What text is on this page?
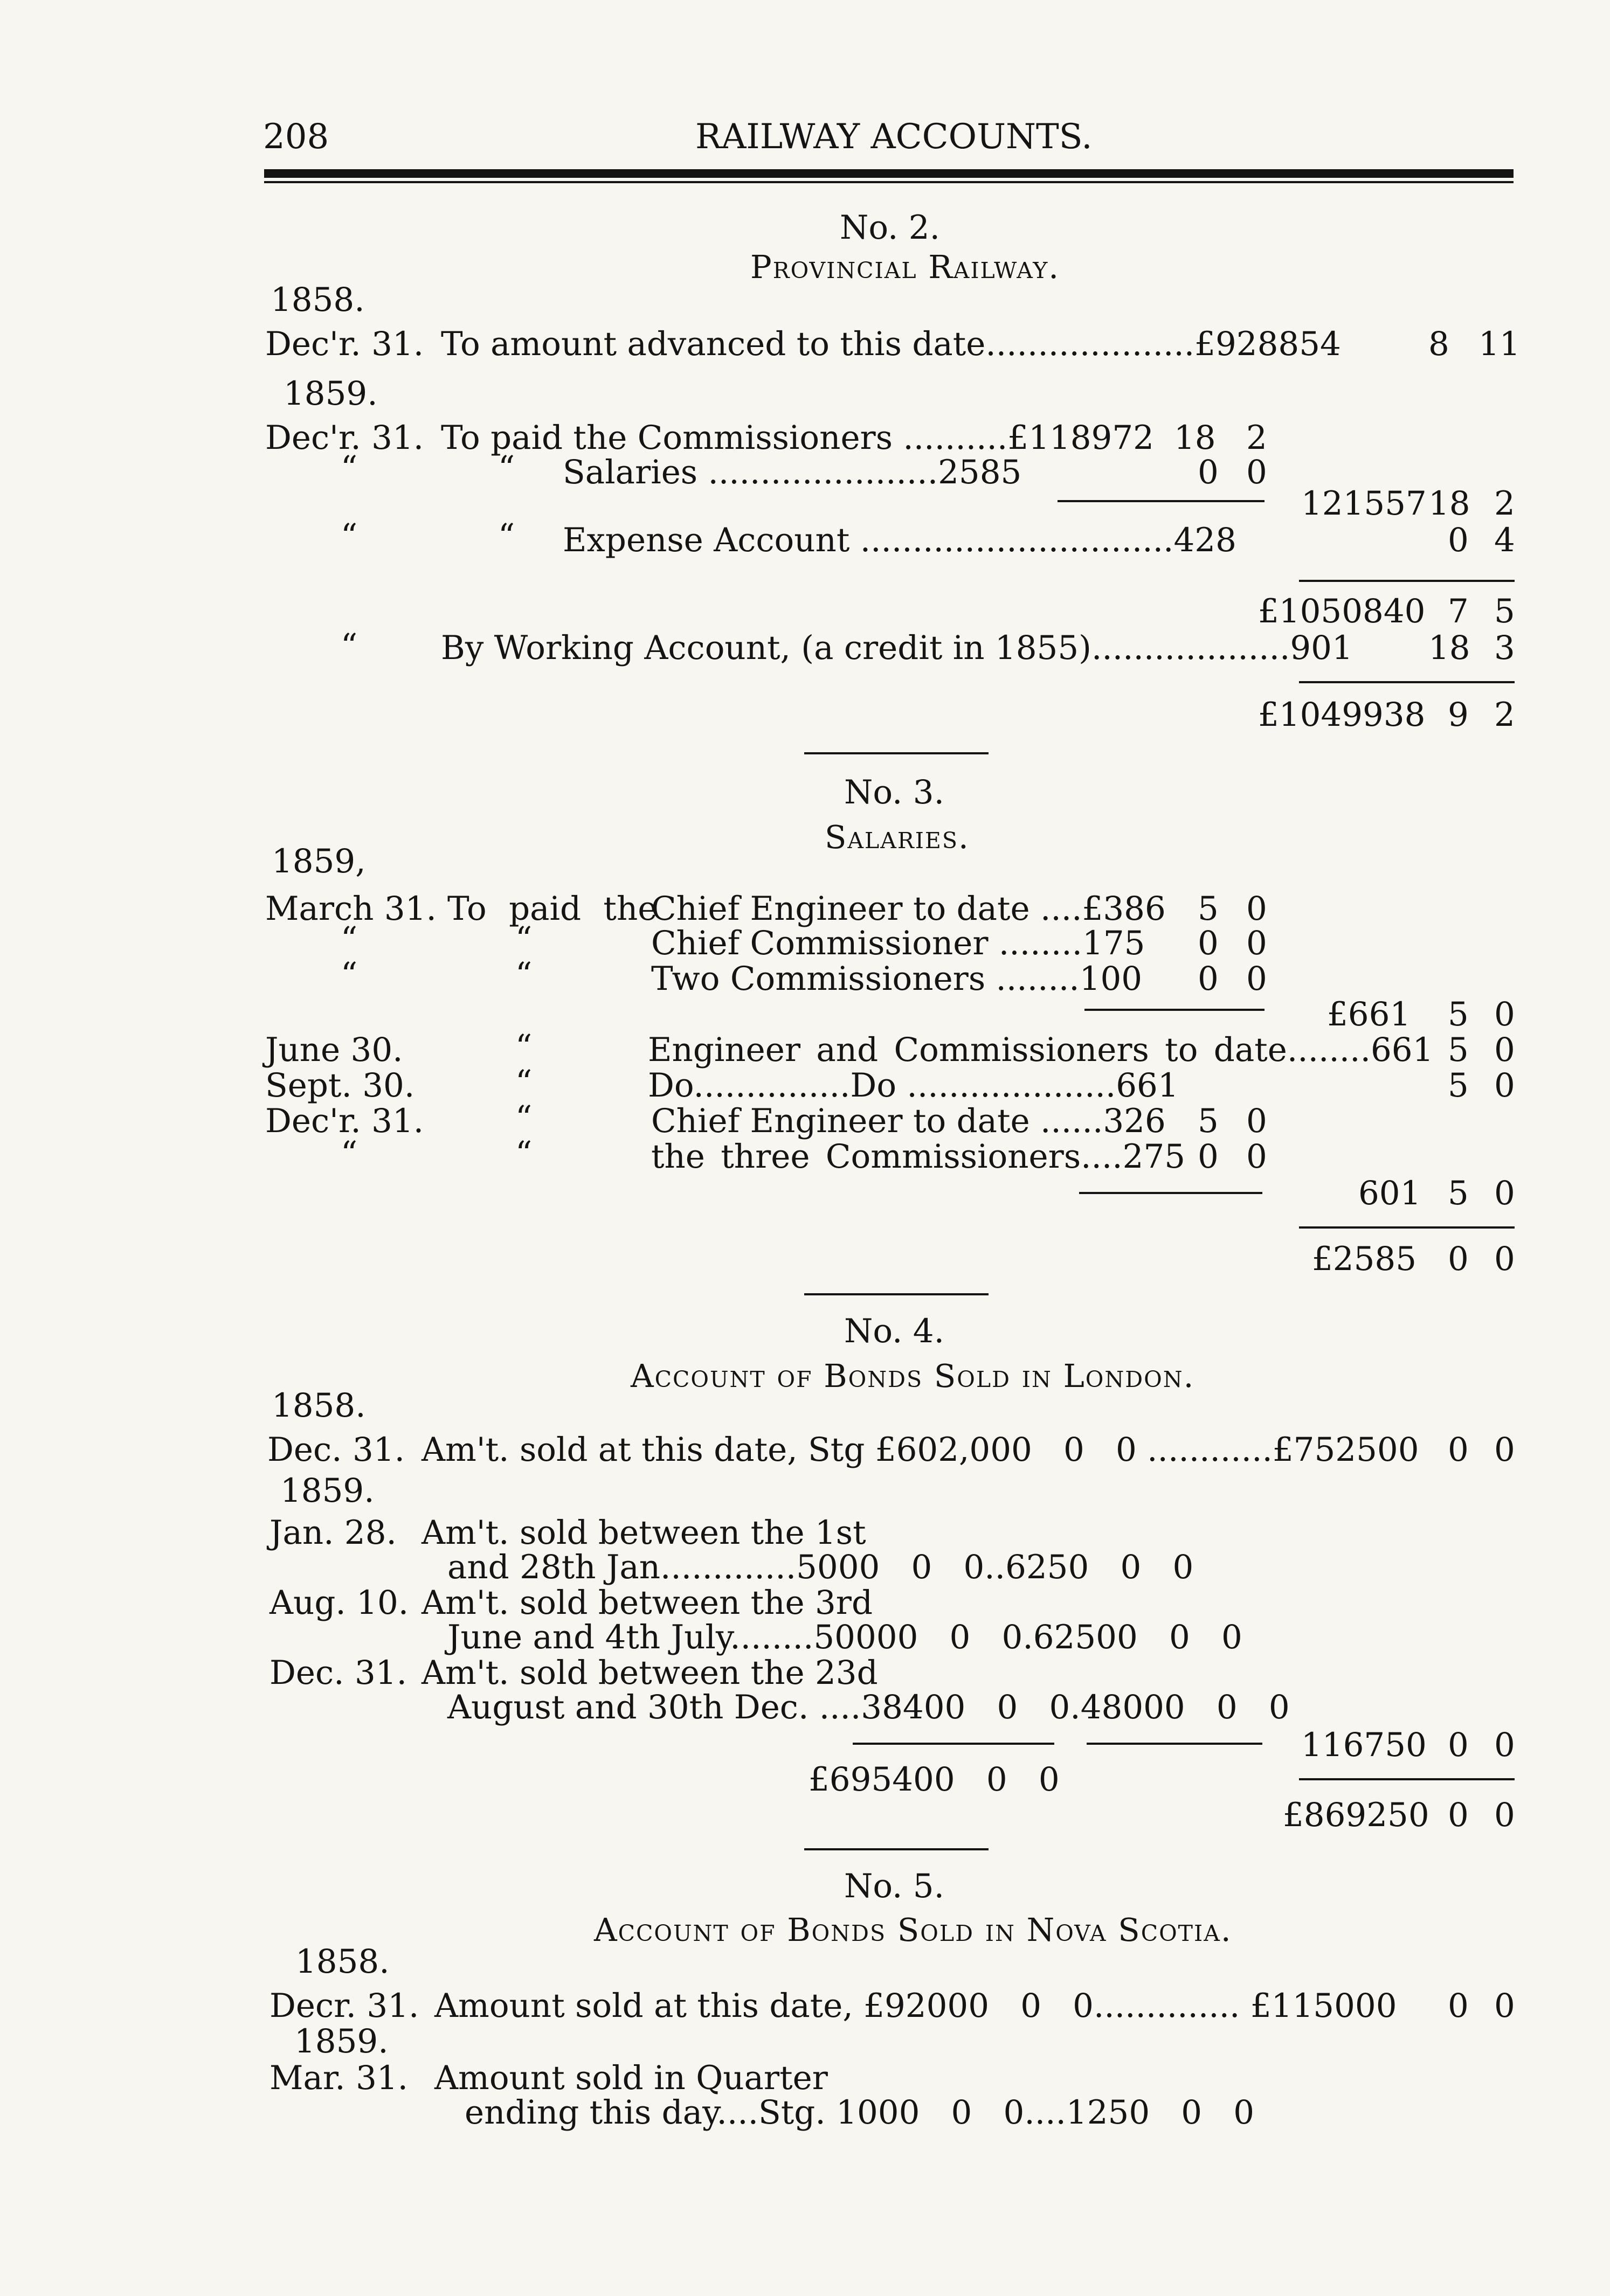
208	RAILWAY ACCOUNTS.
No. 2.
Provincial Railway.
1858.
Dec'r. 31. To amount advanced to this date....................£928854	8 11
1859.
Dec'r. 31. To paid the Commissioners ..........£118972 18 2
“	“ Salaries ......................2585	0 0
121557 18 2
“	“ Expense Account ..............................428	0 4
£1050840 7 5
“	By Working Account, (a credit in 1855)...................901 18 3
£1049938 9 2
No. 3.
Salaries.
1859,
March 31. To paid the
Chief Engineer to date ....£386 5 0
“	“	Chief Commissioner ........175 0 0
“	“	Two Commissioners ........100 0 0
£661 5 0
June 30.	“	Engineer and Commissioners to date........661 5 0
Sept. 30.	“	Do...............Do ....................661	5 0
Dec'r. 31.	“	Chief Engineer to date ......326 5 0
“	“	the three Commissioners....275 0 0
601 5 0
£2585 0 0
No. 4.
Account of Bonds Sold in London.
1858.
Dec. 31. Am't. sold at this date, Stg £602,000   0   0 ............£752500 0 0
1859.
Jan. 28. Am't. sold between the 1st
and 28th Jan.............5000   0   0..6250   0   0
Aug. 10. Am't. sold between the 3rd
June and 4th July........50000   0   0.62500   0   0
Dec. 31. Am't. sold between the 23d
August and 30th Dec. ....38400   0   0.48000   0   0
116750 0 0
£695400   0   0
£869250 0 0
No. 5.
Account of Bonds Sold in Nova Scotia.
1858.
Decr. 31. Amount sold at this date, £92000   0   0.............. £115000 0 0
1859.
Mar. 31. Amount sold in Quarter
ending this day....Stg. 1000   0   0....1250   0   0
